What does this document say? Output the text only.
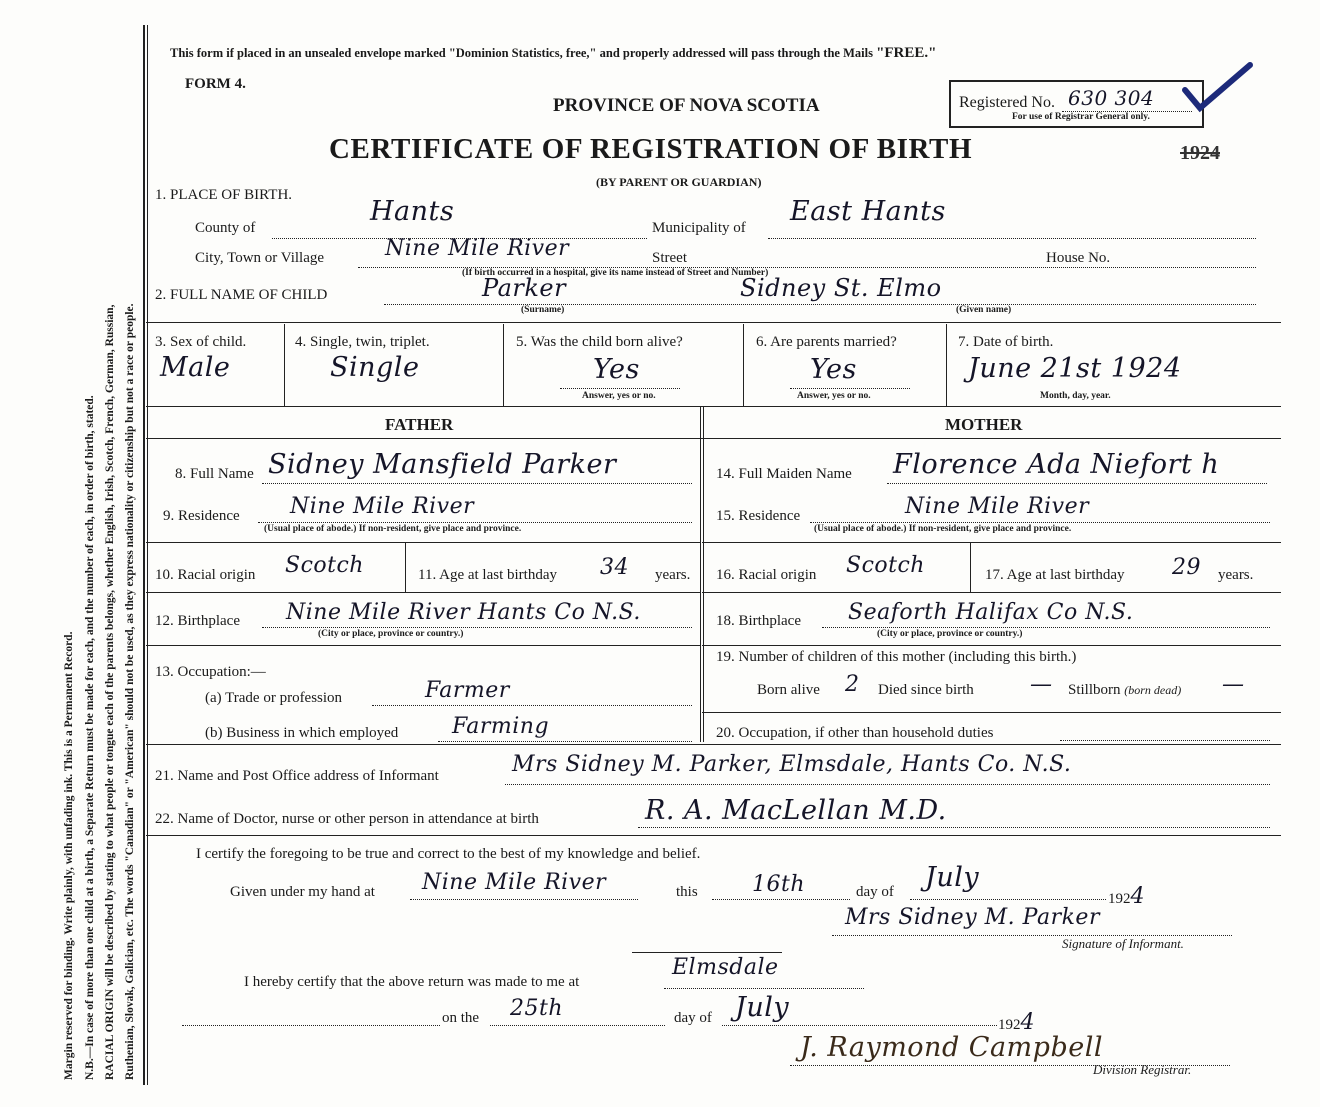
Margin reserved for binding. Write plainly, with unfading ink. This is a Permanent Record. N.B.—In case of more than one child at a birth, a Separate Return must be made for each, and the number of each, in order of birth, stated. RACIAL ORIGIN will be described by stating to what people or tongue each of the parents belongs, whether English, Irish, Scotch, French, German, Russian, Ruthenian, Slovak, Galician, etc. The words "Canadian" or "American" should not be used, as they express nationality or citizenship but not a race or people.
This form if placed in an unsealed envelope marked "Dominion Statistics, free," and properly addressed will pass through the Mails "FREE."
FORM 4.
PROVINCE OF NOVA SCOTIA
CERTIFICATE OF REGISTRATION OF BIRTH
(BY PARENT OR GUARDIAN)
Registered No. 630 304
For use of Registrar General only.
1924
1. PLACE OF BIRTH.
County of
Hants
Municipality of
East Hants
City, Town or Village	Nine Mile River	Street	House No.
(If birth occurred in a hospital, give its name instead of Street and Number)
2. FULL NAME OF CHILD	Parker	Sidney St. Elmo
(Surname)	(Given name)
3. Sex of child.
Male
4. Single, twin, triplet.
Single
5. Was the child born alive?
Yes
Answer, yes or no.
6. Are parents married?
Yes
Answer, yes or no.
7. Date of birth.
June 21st 1924
Month, day, year.
FATHER	MOTHER
8. Full Name Sidney Mansfield Parker
9. Residence Nine Mile River
(Usual place of abode.) If non-resident, give place and province.
10. Racial origin Scotch	11. Age at last birthday 34 years.
12. Birthplace Nine Mile River Hants Co N.S.
(City or place, province or country.)
13. Occupation:—
(a) Trade or profession	Farmer
(b) Business in which employed Farming
14. Full Maiden Name Florence Ada Niefort h
15. Residence	Nine Mile River
(Usual place of abode.) If non-resident, give place and province.
16. Racial origin Scotch	17. Age at last birthday 29 years.
18. Birthplace Seaforth Halifax Co N.S.
(City or place, province or country.)
19. Number of children of this mother (including this birth.)
Born alive 2 Died since birth	— Stillborn (born dead) —
20. Occupation, if other than household duties
21. Name and Post Office address of Informant	Mrs Sidney M. Parker, Elmsdale, Hants Co. N.S.
22. Name of Doctor, nurse or other person in attendance at birth	R. A. MacLellan M.D.
I certify the foregoing to be true and correct to the best of my knowledge and belief.
Given under my hand at Nine Mile River	this 16th	day of July
1924
Mrs Sidney M. Parker
Signature of Informant.
I hereby certify that the above return was made to me at
Elmsdale
on the 25th	day of July
1924
J. Raymond Campbell
Division Registrar.
